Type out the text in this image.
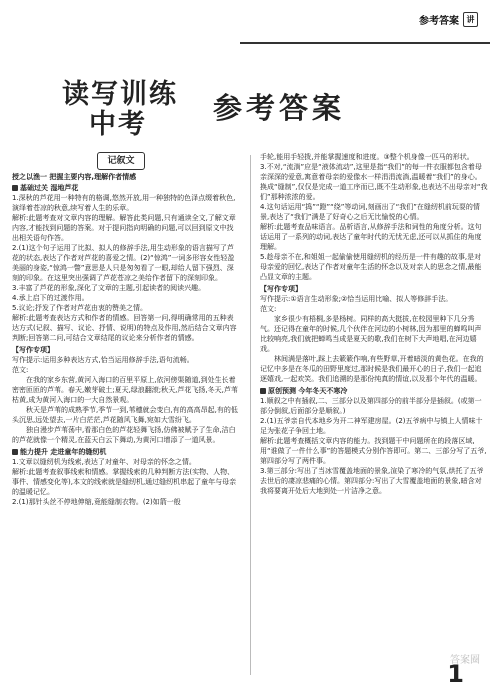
参考答案 讲
读写训练
中考 参考答案
记叙文
授之以渔一 把握主要内容,理解作者情感
基础过关 湿地芦花
1.深秋的芦花用一种特有的格调,悠然开放,用一种独特的色泽点缀着秋色,演绎着苍凉的秋意,续写着人生的乐章。
解析:此题考查对文章内容的理解。解答此类问题,只有通读全文,了解文章内容,才能找到问题的答案。对于提问指向明确的问题,可以回到原文中找出相关语句作答。
2.(1)这个句子运用了比拟、拟人的修辞手法,用生动形象的语言描写了芦花的状态,表达了作者对芦花的喜爱之情。(2)“惊鸿”一词多形容女性轻盈美丽的身姿,“惊鸿一瞥”意思是人只是匆匆看了一眼,却给人留下强烈、深刻的印象。在这里突出强调了芦花苍凉之美给作者留下的深刻印象。
3.丰富了芦花的形象,深化了文章的主题,引起读者的阅读兴趣。
4.承上启下的过渡作用。
5.议论;抒发了作者对芦花由衷的赞美之情。
解析:此题考查表达方式和作者的情感。回答第一问,得明确常用的五种表达方式(记叙、描写、议论、抒情、说明)的特点及作用,然后结合文章内容判断;回答第二问,可结合文章结尾的议论来分析作者的情感。
【写作专项】
写作提示:运用多种表达方式,恰当运用修辞手法,语句流畅。
范文:
在我的家乡东营,黄河入海口的百里平原上,依河傍渠随道,到处生长着密密匝匝的芦苇。春天,嫩芽破土;夏天,绿浪翻滚;秋天,芦花飞扬,冬天,芦苇枯黄,成为黄河入海口的一大自然景观。
秋天是芦苇的成熟季节,季节一到,苇穗就会变白,有的高高昂起,有的低头沉思,远处望去,一片白茫茫,芦花随风飞舞,宛如大雪纷飞。
独自漫步芦苇荡中,看那白色的芦花轻舞飞扬,仿佛被赋予了生命,洁白的芦花就像一个精灵,在蓝天白云下舞动,为黄河口增添了一道风景。
能力提升 走进童年的缝纫机
1.文章以缝纫机为线索,表达了对童年、对母亲的怀念之情。
解析:此题考查叙事线索和情感。掌握线索的几种判断方法(实物、人物、事件、情感变化等),本文的线索就是缝纫机,通过缝纫机串起了童年与母亲的温暖记忆。
2.(1)那针头丝不停地伸缩,竟能缝制衣物。(2)如箭一般
手轮,能用手轻拨,并能掌握速度和进度。③整个机身像一匹马的形状。
3.不对,“流淌”应是“液体流动”,这里是指“我们”的每一件衣服都包含着母亲深深的爱意,寓意着母亲的爱像水一样涓涓流淌,温暖着“我们”的身心。换成“缝制”,仅仅是完成一道工序而已,既不生动形象,也表达不出母亲对“我们”那种浓浓的爱。
4.这句话运用“捣”“蹬”“绕”等动词,刻画出了“我们”在缝纫机前玩耍的情景,表达了“我们”满是了好奇心之后无比愉悦的心情。
解析:此题考查品味语言。品析语言,从修辞手法和词性的角度分析。这句话运用了一系列的动词,表达了童年时代的无忧无虑,还可以从抓住的角度理解。
5.趁母亲不在,和姐姐一起偷偷使用缝纫机的经历是一件有趣的故事,是对母亲爱的回忆,表达了作者对童年生活的怀念以及对亲人的思念之情,最能凸显文章的主题。
【写作专项】
写作提示:①语言生动形象;②恰当运用比喻、拟人等修辞手法。
范文:
家乡很少有梧桐,多是杨树。同样的高大挺拔,在校园里种下几分秀气。还记得在童年的时候,几个伙伴在河边的小树林,因为那里的蝉鸣叫声比较响亮,我们就把蝉鸣当成是夏天的歌,我们在树下大声地唱,在河边嬉戏。
林间满是落叶,踩上去簌簌作响,有些野草,开着暗淡的黄色花。在我的记忆中多是在冬瓜的田野里度过,那时候是我们最开心的日子,我们一起追逐嬉戏,一起欢笑。我们追溯的是那份纯真的情谊,以及那个年代的温暖。
原创预测 今年冬天不寒冷
1.顺叙之中有插叙,二、三部分以及第四部分的前半部分是插叙。(或第一部分倒叙,后面部分是顺叙。)
2.(1)五爷亲自代本地乡为开二神军建房屋。(2)五爷病中与镇上人情味十足为张花子争回土地。
解析:此题考查概括文章内容的能力。找到题干中问题所在的段落区域,用“谁做了一件什么事”的答题模式分别作答即可。第二、三部分写了五爷,第四部分写了两件事。
3.第三部分:写出了当冰雪覆盖地面的景象,渲染了寒冷的气氛,烘托了五爷去世后的凄凉悲痛的心情。第四部分:写出了大雪覆盖地面的景象,暗含对我将要离开处后大地到处一片洁净之意。
答案圈
1
